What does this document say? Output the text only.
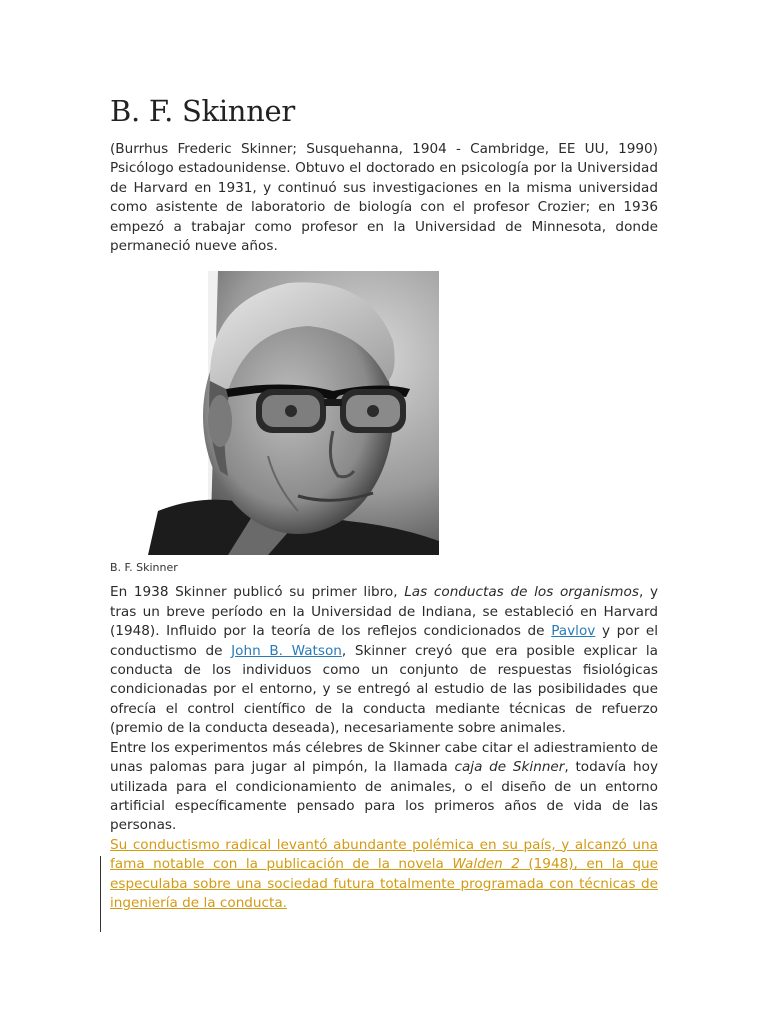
B. F. Skinner

(Burrhus Frederic Skinner; Susquehanna, 1904 - Cambridge, EE UU, 1990) Psicólogo estadounidense. Obtuvo el doctorado en psicología por la Universidad de Harvard en 1931, y continuó sus investigaciones en la misma universidad como asistente de laboratorio de biología con el profesor Crozier; en 1936 empezó a trabajar como profesor en la Universidad de Minnesota, donde permaneció nueve años.

B. F. Skinner

En 1938 Skinner publicó su primer libro, Las conductas de los organismos, y tras un breve período en la Universidad de Indiana, se estableció en Harvard (1948). Influido por la teoría de los reflejos condicionados de Pavlov y por el conductismo de John B. Watson, Skinner creyó que era posible explicar la conducta de los individuos como un conjunto de respuestas fisiológicas condicionadas por el entorno, y se entregó al estudio de las posibilidades que ofrecía el control científico de la conducta mediante técnicas de refuerzo (premio de la conducta deseada), necesariamente sobre animales.

Entre los experimentos más célebres de Skinner cabe citar el adiestramiento de unas palomas para jugar al pimpón, la llamada caja de Skinner, todavía hoy utilizada para el condicionamiento de animales, o el diseño de un entorno artificial específicamente pensado para los primeros años de vida de las personas.

Su conductismo radical levantó abundante polémica en su país, y alcanzó una fama notable con la publicación de la novela Walden 2 (1948), en la que especulaba sobre una sociedad futura totalmente programada con técnicas de ingeniería de la conducta.
